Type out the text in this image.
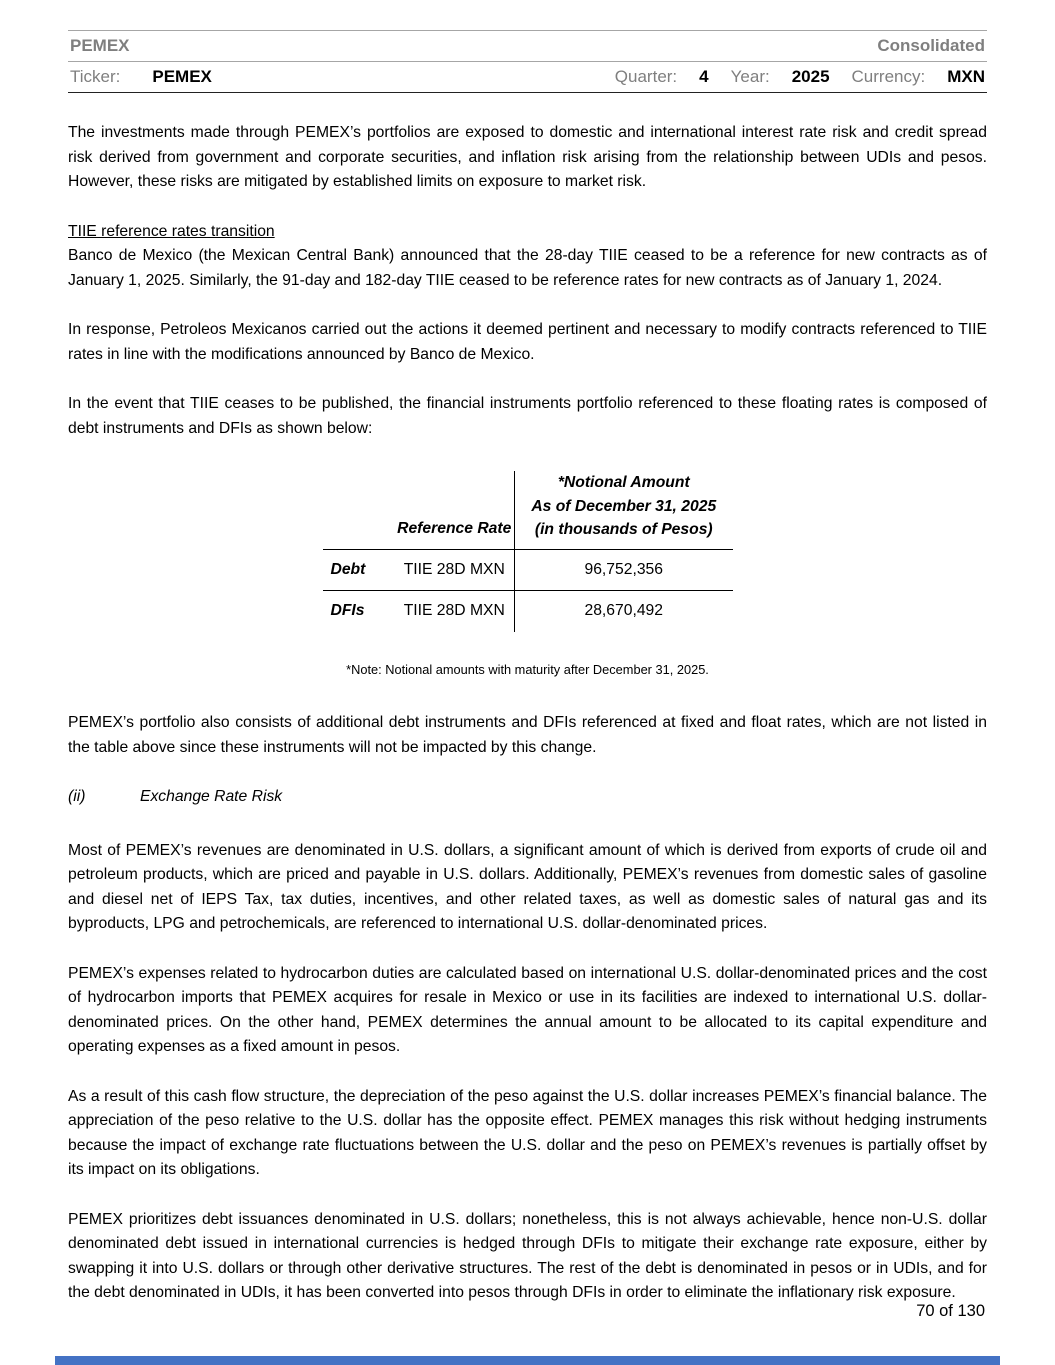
PEMEX	Consolidated
Ticker: PEMEX	Quarter: 4 Year: 2025 Currency: MXN

The investments made through PEMEX’s portfolios are exposed to domestic and international interest rate risk and credit spread risk derived from government and corporate securities, and inflation risk arising from the relationship between UDIs and pesos. However, these risks are mitigated by established limits on exposure to market risk.

TIIE reference rates transition

Banco de Mexico (the Mexican Central Bank) announced that the 28-day TIIE ceased to be a reference for new contracts as of January 1, 2025. Similarly, the 91-day and 182-day TIIE ceased to be reference rates for new contracts as of January 1, 2024.

In response, Petroleos Mexicanos carried out the actions it deemed pertinent and necessary to modify contracts referenced to TIIE rates in line with the modifications announced by Banco de Mexico.

In the event that TIIE ceases to be published, the financial instruments portfolio referenced to these floating rates is composed of debt instruments and DFIs as shown below:

	Reference Rate	*Notional Amount
As of December 31, 2025
(in thousands of Pesos)

Debt	TIIE 28D MXN	96,752,356
DFIs	TIIE 28D MXN	28,670,492
*Note: Notional amounts with maturity after December 31, 2025.

PEMEX’s portfolio also consists of additional debt instruments and DFIs referenced at fixed and float rates, which are not listed in the table above since these instruments will not be impacted by this change.

(ii)	Exchange Rate Risk

Most of PEMEX’s revenues are denominated in U.S. dollars, a significant amount of which is derived from exports of crude oil and petroleum products, which are priced and payable in U.S. dollars. Additionally, PEMEX’s revenues from domestic sales of gasoline and diesel net of IEPS Tax, tax duties, incentives, and other related taxes, as well as domestic sales of natural gas and its byproducts, LPG and petrochemicals, are referenced to international U.S. dollar-denominated prices.

PEMEX’s expenses related to hydrocarbon duties are calculated based on international U.S. dollar-denominated prices and the cost of hydrocarbon imports that PEMEX acquires for resale in Mexico or use in its facilities are indexed to international U.S. dollar-denominated prices. On the other hand, PEMEX determines the annual amount to be allocated to its capital expenditure and operating expenses as a fixed amount in pesos.

As a result of this cash flow structure, the depreciation of the peso against the U.S. dollar increases PEMEX’s financial balance. The appreciation of the peso relative to the U.S. dollar has the opposite effect. PEMEX manages this risk without hedging instruments because the impact of exchange rate fluctuations between the U.S. dollar and the peso on PEMEX’s revenues is partially offset by its impact on its obligations.

PEMEX prioritizes debt issuances denominated in U.S. dollars; nonetheless, this is not always achievable, hence non-U.S. dollar denominated debt issued in international currencies is hedged through DFIs to mitigate their exchange rate exposure, either by swapping it into U.S. dollars or through other derivative structures. The rest of the debt is denominated in pesos or in UDIs, and for the debt denominated in UDIs, it has been converted into pesos through DFIs in order to eliminate the inflationary risk exposure.

70 of 130
